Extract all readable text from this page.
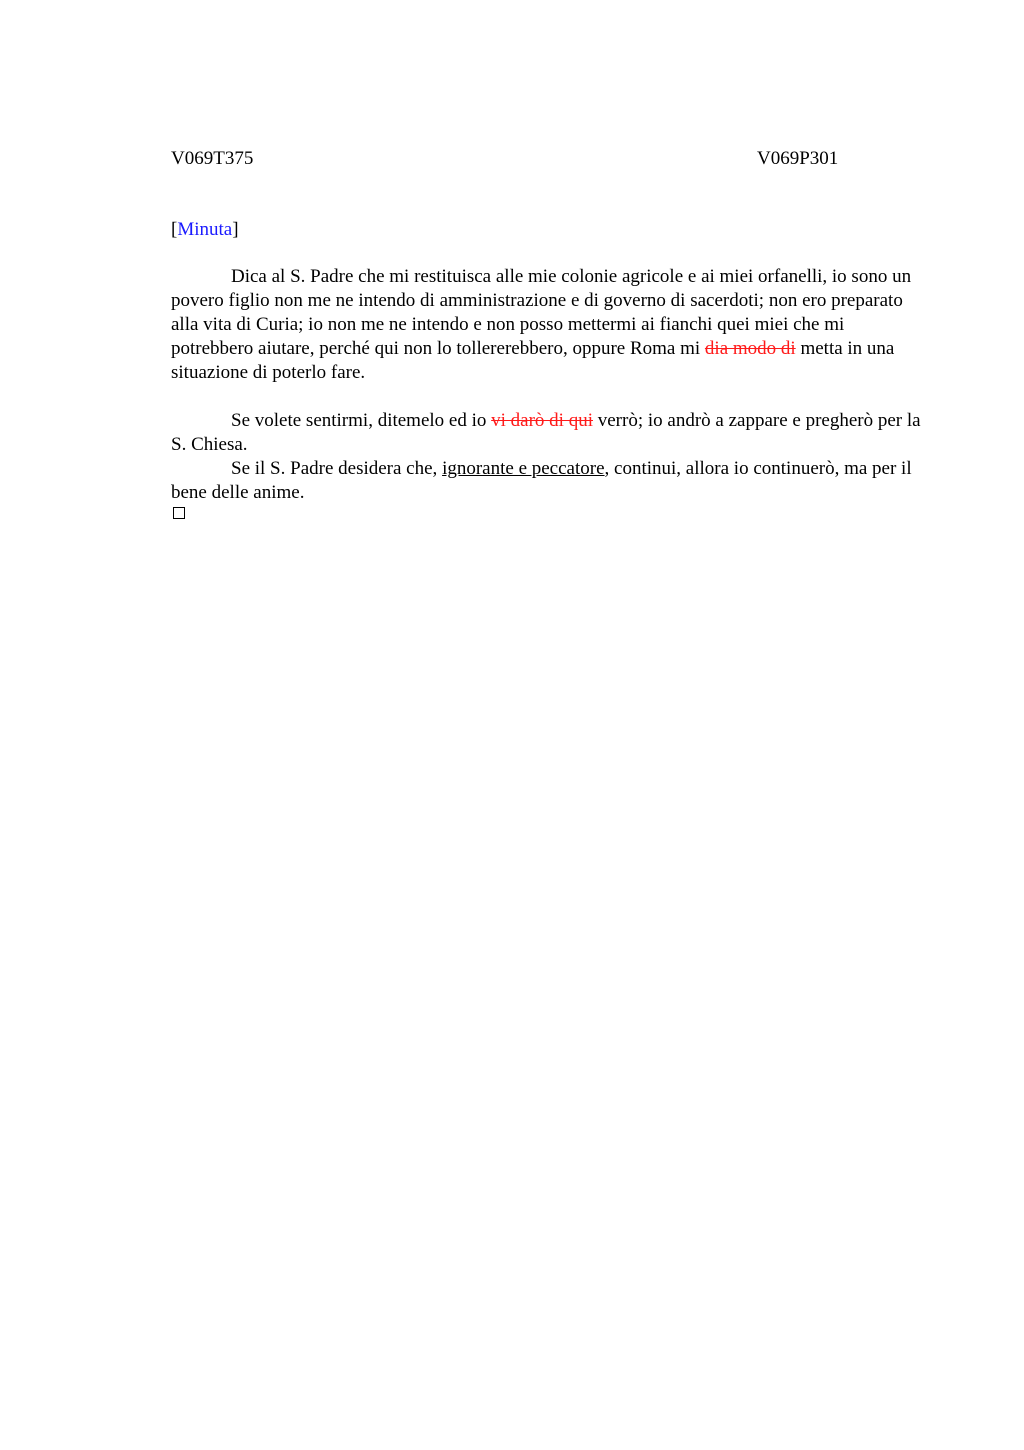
V069T375	V069P301
[Minuta]

Dica al S. Padre che mi restituisca alle mie colonie agricole e ai miei orfanelli, io sono un povero figlio non me ne intendo di amministrazione e di governo di sacerdoti; non ero preparato alla vita di Curia; io non me ne intendo e non posso mettermi ai fianchi quei miei che mi potrebbero aiutare, perché qui non lo tollererebbero, oppure Roma mi dia modo di metta in una situazione di poterlo fare.

Se volete sentirmi, ditemelo ed io vi darò di qui verrò; io andrò a zappare e pregherò per la S. Chiesa.

Se il S. Padre desidera che, ignorante e peccatore, continui, allora io continuerò, ma per il bene delle anime.
